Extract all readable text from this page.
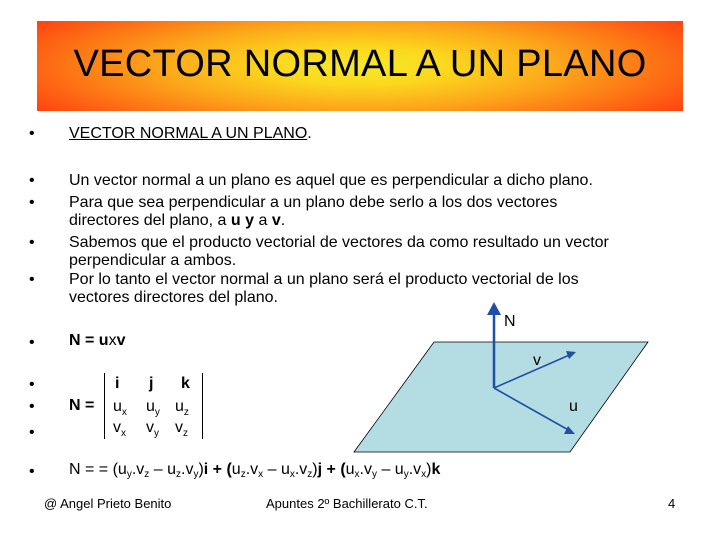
VECTOR NORMAL A UN PLANO
• VECTOR NORMAL A UN PLANO.
• Un vector normal a un plano es aquel que es perpendicular a dicho plano.
• Para que sea perpendicular a un plano debe serlo a los dos vectores
directores del plano, a u y a v.
• Sabemos que el producto vectorial de vectores da como resultado un vector
perpendicular a ambos.
• Por lo tanto el vector normal a un plano será el producto vectorial de los
vectores directores del plano.
• N = uxv
•
•
•
N =
i j k
$u_x$ $u_y$ $u_z$
$v_x$ $v_y$ $v_z$
• N = = $(u_y.v_z - u_z.v_y)i + (u_z.v_x - u_x.v_z)j + (u_x.v_y - u_y.v_x)k$
N
v
u
@ Angel Prieto Benito	Apuntes 2º Bachillerato C.T.	4
